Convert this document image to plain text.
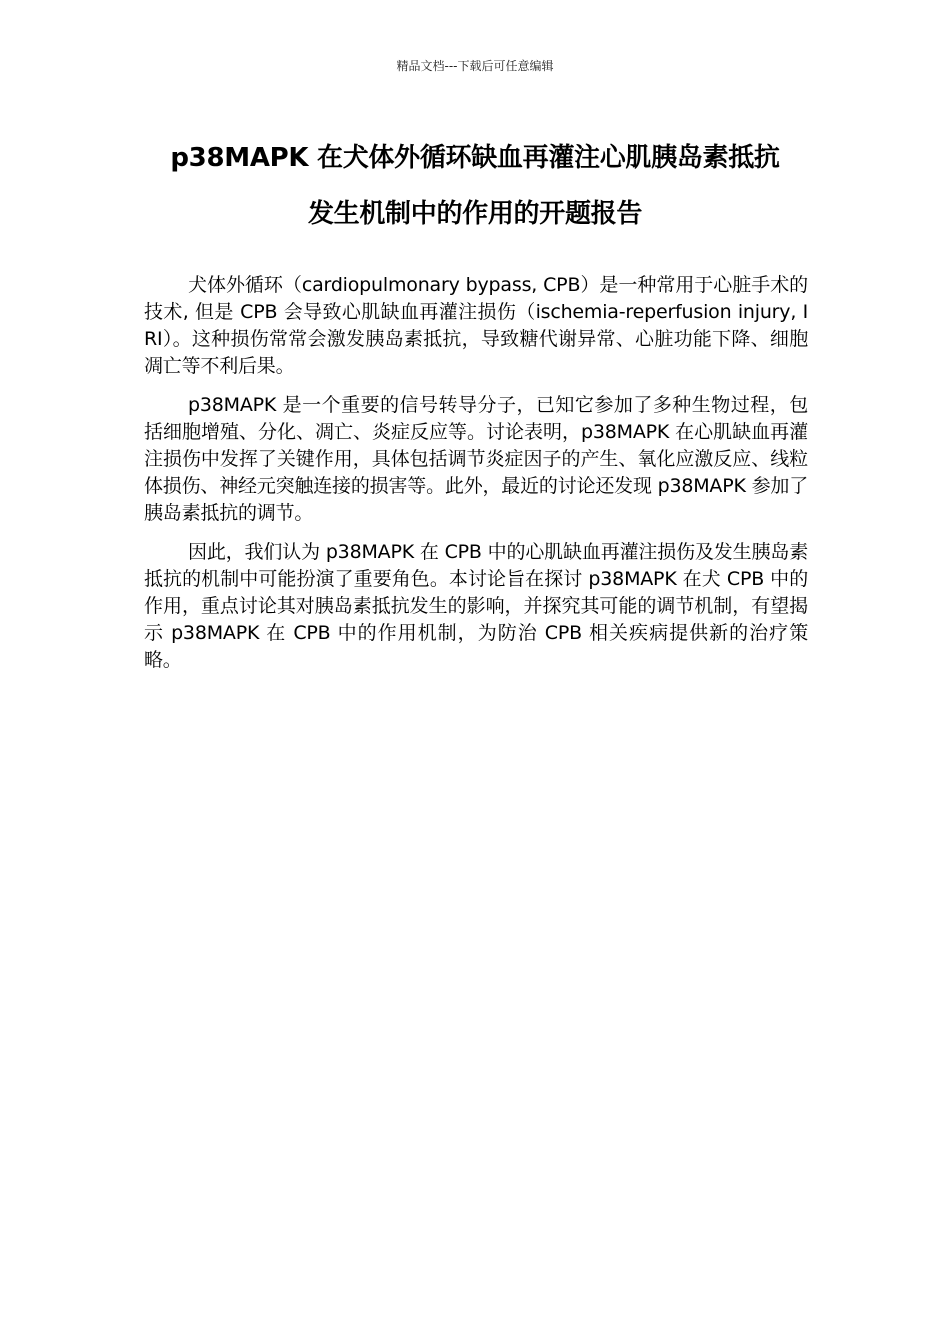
精品文档---下载后可任意编辑
p38MAPK 在犬体外循环缺血再灌注心肌胰岛素抵抗
发生机制中的作用的开题报告

犬体外循环（cardiopulmonary bypass, CPB）是一种常用于心脏手术的技术, 但是 CPB 会导致心肌缺血再灌注损伤（ischemia-reperfusion injury, IRI）。这种损伤常常会激发胰岛素抵抗，导致糖代谢异常、心脏功能下降、细胞凋亡等不利后果。

p38MAPK 是一个重要的信号转导分子，已知它参加了多种生物过程，包括细胞增殖、分化、凋亡、炎症反应等。讨论表明，p38MAPK 在心肌缺血再灌注损伤中发挥了关键作用，具体包括调节炎症因子的产生、氧化应激反应、线粒体损伤、神经元突触连接的损害等。此外，最近的讨论还发现 p38MAPK 参加了胰岛素抵抗的调节。

因此，我们认为 p38MAPK 在 CPB 中的心肌缺血再灌注损伤及发生胰岛素抵抗的机制中可能扮演了重要角色。本讨论旨在探讨 p38MAPK 在犬 CPB 中的作用，重点讨论其对胰岛素抵抗发生的影响，并探究其可能的调节机制，有望揭示 p38MAPK 在 CPB 中的作用机制，为防治 CPB 相关疾病提供新的治疗策略。
